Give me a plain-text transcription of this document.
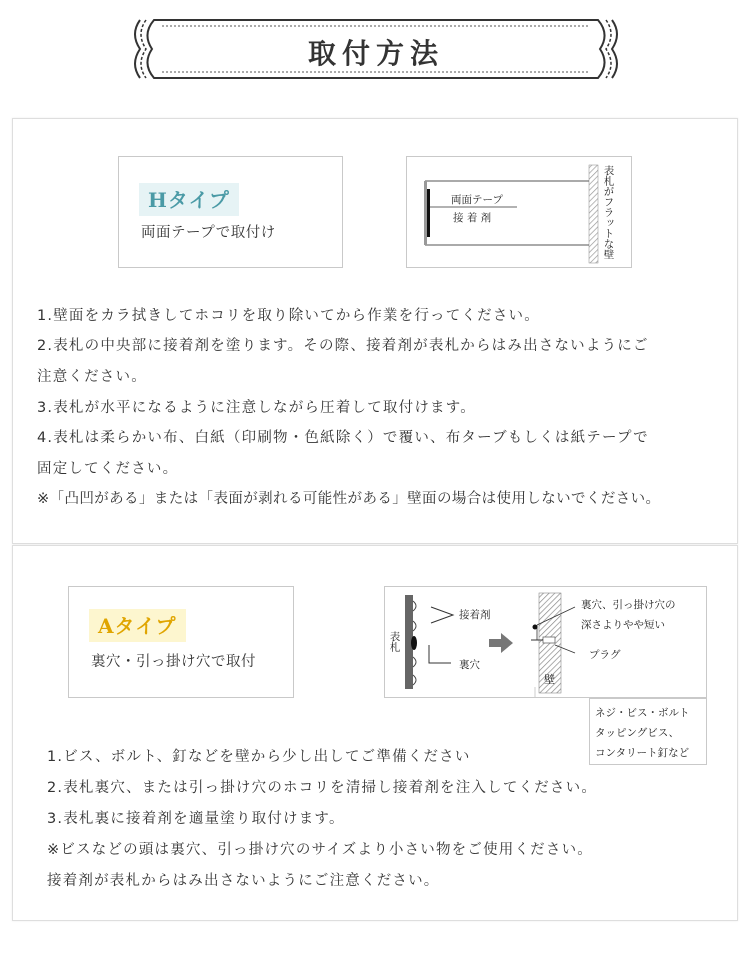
取付方法
Hタイプ
両面テープで取付け
両面テープ
接 着 剤	表札がフラットな壁

1.壁面をカラ拭きしてホコリを取り除いてから作業を行ってください。

2.表札の中央部に接着剤を塗ります。その際、接着剤が表札からはみ出さないようにご

注意ください。

3.表札が水平になるように注意しながら圧着して取付けます。

4.表札は柔らかい布、白紙（印刷物・色紙除く）で覆い、布ターブもしくは紙テープで

固定してください。

※「凸凹がある」または「表面が剥れる可能性がある」壁面の場合は使用しないでください。

Aタイプ
裏穴・引っ掛け穴で取付
表札
接着剤
裏穴
裏穴、引っ掛け穴の
深さよりやや短い
プラグ
壁
ネジ・ビス・ボルト
タッピングビス、
コンタリート釘など

1.ビス、ボルト、釘などを壁から少し出してご準備ください

2.表札裏穴、または引っ掛け穴のホコリを清掃し接着剤を注入してください。

3.表札裏に接着剤を適量塗り取付けます。

※ビスなどの頭は裏穴、引っ掛け穴のサイズより小さい物をご使用ください。

接着剤が表札からはみ出さないようにご注意ください。
